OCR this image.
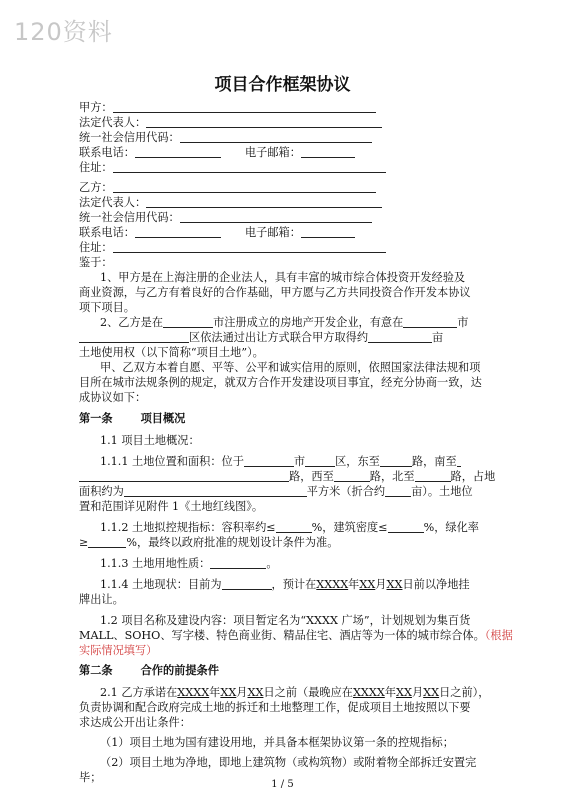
120资料
项目合作框架协议
甲方：
法定代表人：
统一社会信用代码：
联系电话：	电子邮箱：
住址：
乙方：
法定代表人：
统一社会信用代码：
联系电话：	电子邮箱：
住址：
鉴于：
1、甲方是在上海注册的企业法人，具有丰富的城市综合体投资开发经验及
商业资源，与乙方有着良好的合作基础，甲方愿与乙方共同投资合作开发本协议
项下项目。
2、乙方是在	市注册成立的房地产开发企业，有意在	市
区依法通过出让方式联合甲方取得约	亩
土地使用权（以下简称“项目土地”）。
甲、乙双方本着自愿、平等、公平和诚实信用的原则，依照国家法律法规和项
目所在城市法规条例的规定，就双方合作开发建设项目事宜，经充分协商一致，达
成协议如下：
第一条	项目概况
1.1 项目土地概况：
1.1.1 土地位置和面积：位于	市	区，东至	路，南至
路，西至	路，北至	路，占地
面积约为	平方米（折合约 亩）。土地位
置和范围详见附件 1《土地红线图》。
1.1.2 土地拟控规指标：容积率约≤	%，建筑密度≤	%，绿化率
≥	%，最终以政府批准的规划设计条件为准。
1.1.3 土地用地性质：	。
1.1.4 土地现状：目前为	，预计在XXXX年XX月XX日前以净地挂
牌出让。
1.2 项目名称及建设内容：项目暂定名为“XXXX 广场”，计划规划为集百货
MALL、SOHO、写字楼、特色商业街、精品住宅、酒店等为一体的城市综合体。（根据
实际情况填写）
第二条	合作的前提条件
2.1 乙方承诺在XXXX年XX月XX日之前（最晚应在XXXX年XX月XX日之前），
负责协调和配合政府完成土地的拆迁和土地整理工作，促成项目土地按照以下要
求达成公开出让条件：
（1）项目土地为国有建设用地，并具备本框架协议第一条的控规指标；
（2）项目土地为净地，即地上建筑物（或构筑物）或附着物全部拆迁安置完
毕；
1 / 5
